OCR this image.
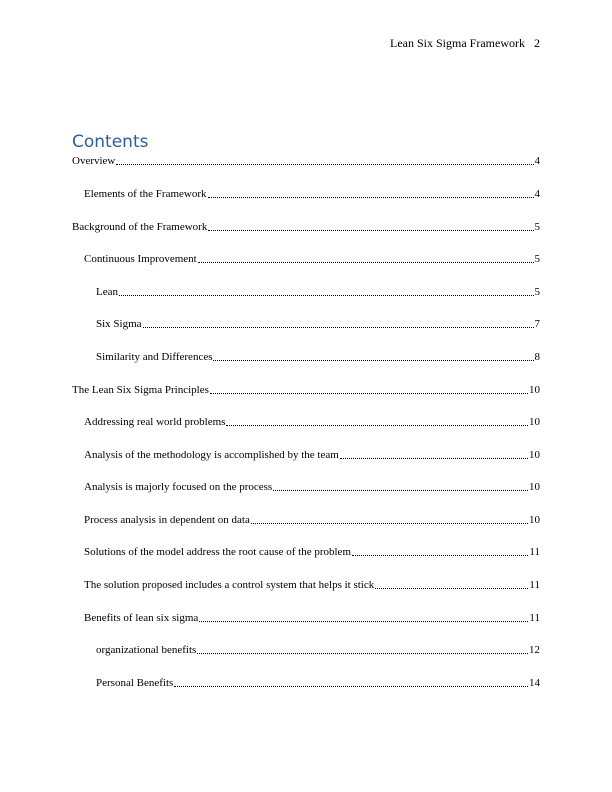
Lean Six Sigma Framework 2
Contents
Overview	4
Elements of the Framework	4
Background of the Framework	5
Continuous Improvement	5
Lean	5
Six Sigma	7
Similarity and Differences	8
The Lean Six Sigma Principles	10
Addressing real world problems	10
Analysis of the methodology is accomplished by the team	10
Analysis is majorly focused on the process	10
Process analysis in dependent on data	10
Solutions of the model address the root cause of the problem	11
The solution proposed includes a control system that helps it stick	11
Benefits of lean six sigma	11
organizational benefits	12
Personal Benefits	14
